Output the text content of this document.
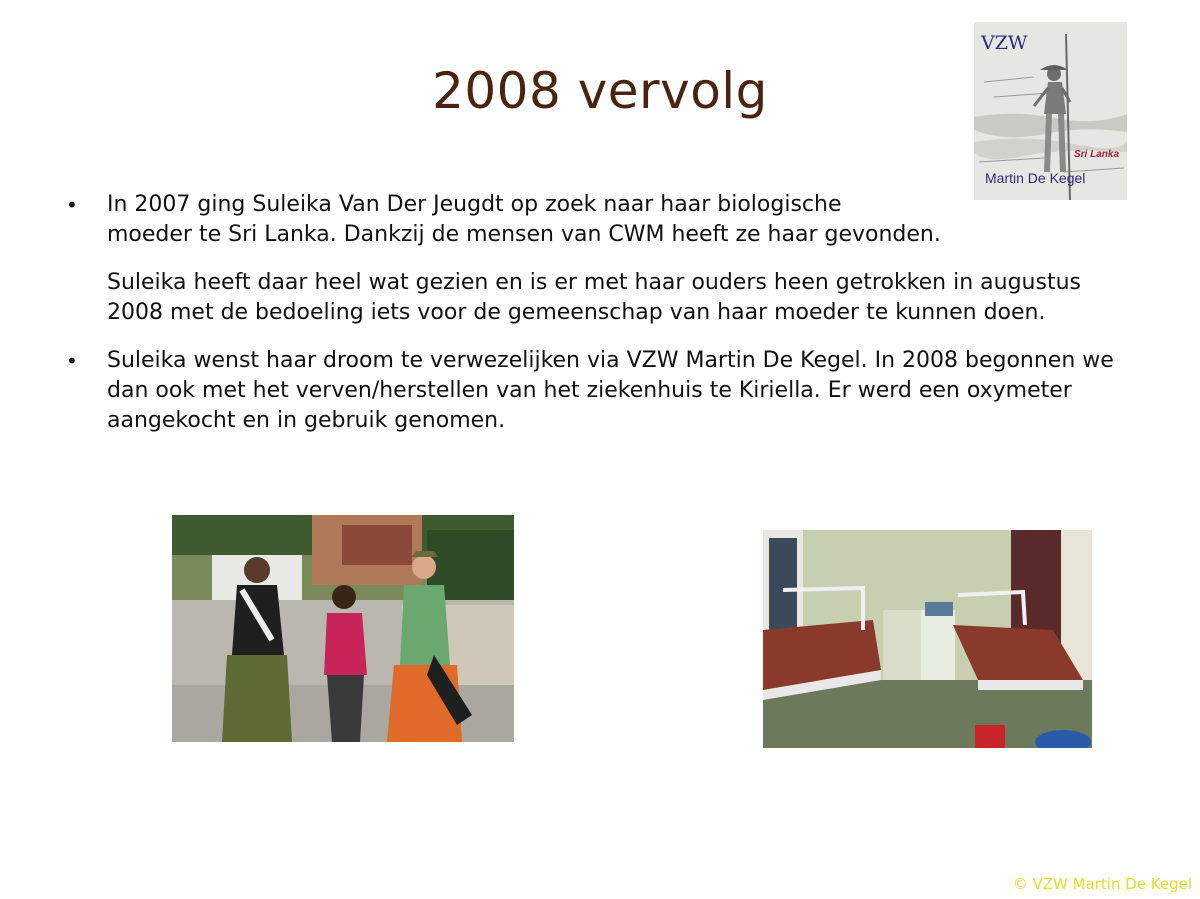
2008 vervolg
VZW
Sri Lanka
Martin De Kegel
• In 2007 ging Suleika Van Der Jeugdt op zoek naar haar biologische
moeder te Sri Lanka. Dankzij de mensen van CWM heeft ze haar gevonden.
Suleika heeft daar heel wat gezien en is er met haar ouders heen getrokken in augustus 2008 met de bedoeling iets voor de gemeenschap van haar moeder te kunnen doen.
• Suleika wenst haar droom te verwezelijken via VZW Martin De Kegel. In 2008 begonnen we dan ook met het verven/herstellen van het ziekenhuis te Kiriella. Er werd een oxymeter aangekocht en in gebruik genomen.
© VZW Martin De Kegel
